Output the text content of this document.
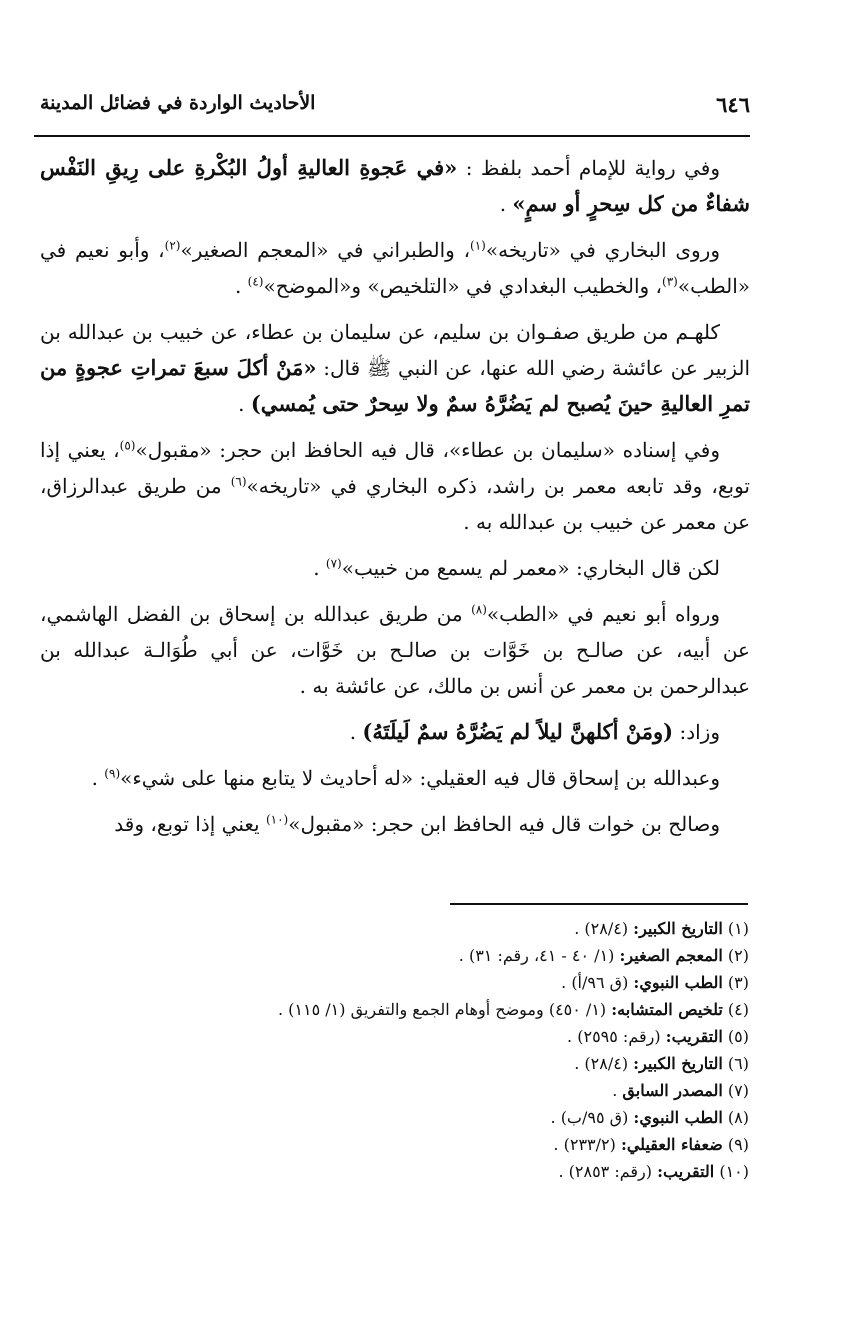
٦٤٦
الأحاديث الواردة في فضائل المدينة

وفي رواية للإمام أحمد بلفظ : «في عَجوةِ العاليةِ أولُ البُكْرةِ على رِيقِ النَفْس شفاءٌ من كل سِحرٍ أو سمٍ» .

وروى البخاري في «تاريخه»$^{(١)}$، والطبراني في «المعجم الصغير»$^{(٢)}$، وأبو نعيم في «الطب»$^{(٣)}$، والخطيب البغدادي في «التلخيص» و«الموضح»$^{(٤)}$ .

كلهـم من طريق صفـوان بن سليم، عن سليمان بن عطاء، عن خبيب بن عبدالله بن الزبير عن عائشة رضي الله عنها، عن النبي ﷺ قال: «مَنْ أكلَ سبعَ تمراتِ عجوةٍ من تمرِ العاليةِ حينَ يُصبح لم يَضُرَّهُ سمٌ ولا سِحرٌ حتى يُمسي) .

وفي إسناده «سليمان بن عطاء»، قال فيه الحافظ ابن حجر: «مقبول»$^{(٥)}$، يعني إذا توبع، وقد تابعه معمر بن راشد، ذكره البخاري في «تاريخه»$^{(٦)}$ من طريق عبدالرزاق، عن معمر عن خبيب بن عبدالله به .

لكن قال البخاري: «معمر لم يسمع من خبيب»$^{(٧)}$ .

ورواه أبو نعيم في «الطب»$^{(٨)}$ من طريق عبدالله بن إسحاق بن الفضل الهاشمي، عن أبيه، عن صالـح بن خَوَّات بن صالـح بن خَوَّات، عن أبي طُوَالـة عبدالله بن عبدالرحمن بن معمر عن أنس بن مالك، عن عائشة به .

وزاد: (ومَنْ أكلهنَّ ليلاً لم يَضُرَّهُ سمٌ لَيلَتَهُ) .

وعبدالله بن إسحاق قال فيه العقيلي: «له أحاديث لا يتابع منها على شيء»$^{(٩)}$ .

وصالح بن خوات قال فيه الحافظ ابن حجر: «مقبول»$^{(١٠)}$ يعني إذا توبع، وقد

(١) التاريخ الكبير: (٢٨/٤) .

(٢) المعجم الصغير: (١/ ٤٠ - ٤١، رقم: ٣١) .

(٣) الطب النبوي: (ق ٩٦/أ) .

(٤) تلخيص المتشابه: (١/ ٤٥٠) وموضح أوهام الجمع والتفريق (١/ ١١٥) .

(٥) التقريب: (رقم: ٢٥٩٥) .

(٦) التاريخ الكبير: (٢٨/٤) .

(٧) المصدر السابق .

(٨) الطب النبوي: (ق ٩٥/ب) .

(٩) ضعفاء العقيلي: (٢٣٣/٢) .

(١٠) التقريب: (رقم: ٢٨٥٣) .
